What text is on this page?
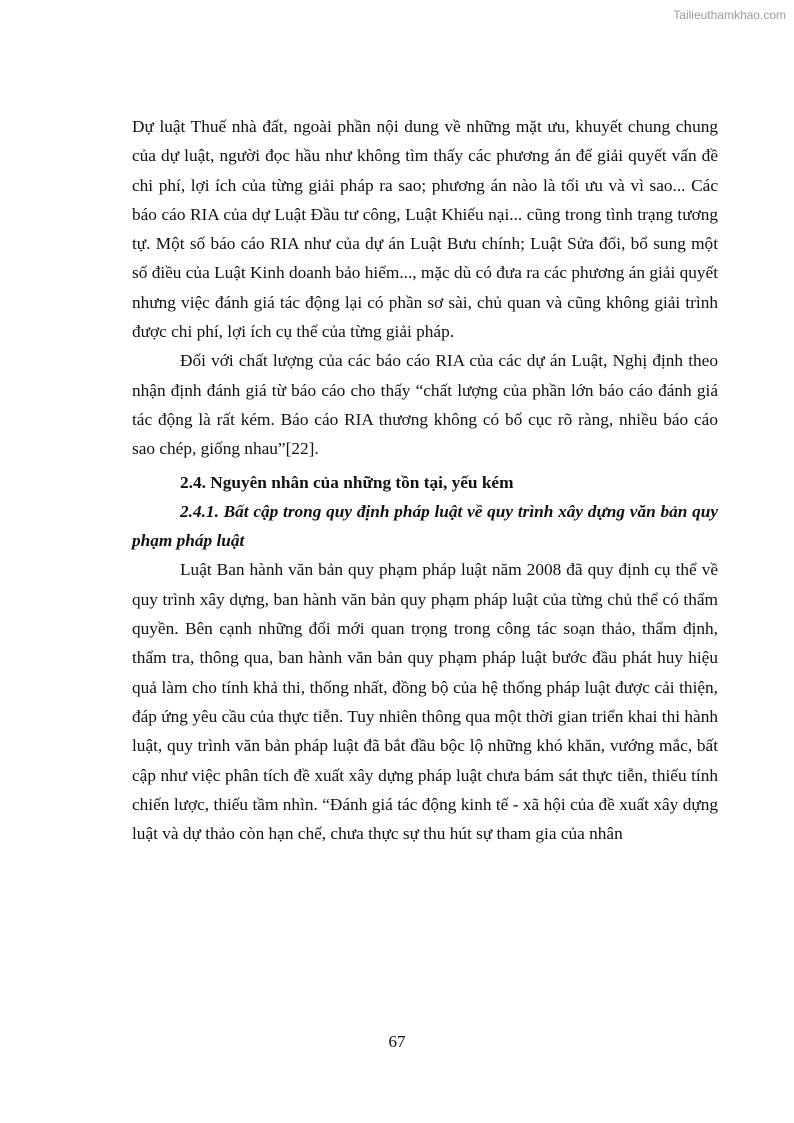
Tailieuthamkhao.com

Dự luật Thuế nhà đất, ngoài phần nội dung về những mặt ưu, khuyết chung chung của dự luật, người đọc hầu như không tìm thấy các phương án để giải quyết vấn đề chi phí, lợi ích của từng giải pháp ra sao; phương án nào là tối ưu và vì sao... Các báo cáo RIA của dự Luật Đầu tư công, Luật Khiếu nại... cũng trong tình trạng tương tự. Một số báo cáo RIA như của dự án Luật Bưu chính; Luật Sửa đổi, bổ sung một số điều của Luật Kinh doanh bảo hiểm..., mặc dù có đưa ra các phương án giải quyết nhưng việc đánh giá tác động lại có phần sơ sài, chủ quan và cũng không giải trình được chi phí, lợi ích cụ thể của từng giải pháp.

Đối với chất lượng của các báo cáo RIA của các dự án Luật, Nghị định theo nhận định đánh giá từ báo cáo cho thấy “chất lượng của phần lớn báo cáo đánh giá tác động là rất kém. Báo cáo RIA thương không có bố cục rõ ràng, nhiều báo cáo sao chép, giống nhau”[22].

2.4. Nguyên nhân của những tồn tại, yếu kém

2.4.1. Bất cập trong quy định pháp luật về quy trình xây dựng văn bản quy phạm pháp luật

Luật Ban hành văn bản quy phạm pháp luật năm 2008 đã quy định cụ thể về quy trình xây dựng, ban hành văn bản quy phạm pháp luật của từng chủ thể có thẩm quyền. Bên cạnh những đổi mới quan trọng trong công tác soạn thảo, thẩm định, thẩm tra, thông qua, ban hành văn bản quy phạm pháp luật bước đầu phát huy hiệu quả làm cho tính khả thi, thống nhất, đồng bộ của hệ thống pháp luật được cải thiện, đáp ứng yêu cầu của thực tiễn. Tuy nhiên thông qua một thời gian triển khai thi hành luật, quy trình văn bản pháp luật đã bắt đầu bộc lộ những khó khăn, vướng mắc, bất cập như việc phân tích đề xuất xây dựng pháp luật chưa bám sát thực tiễn, thiếu tính chiến lược, thiếu tầm nhìn. “Đánh giá tác động kinh tế - xã hội của đề xuất xây dựng luật và dự thảo còn hạn chế, chưa thực sự thu hút sự tham gia của nhân

67
